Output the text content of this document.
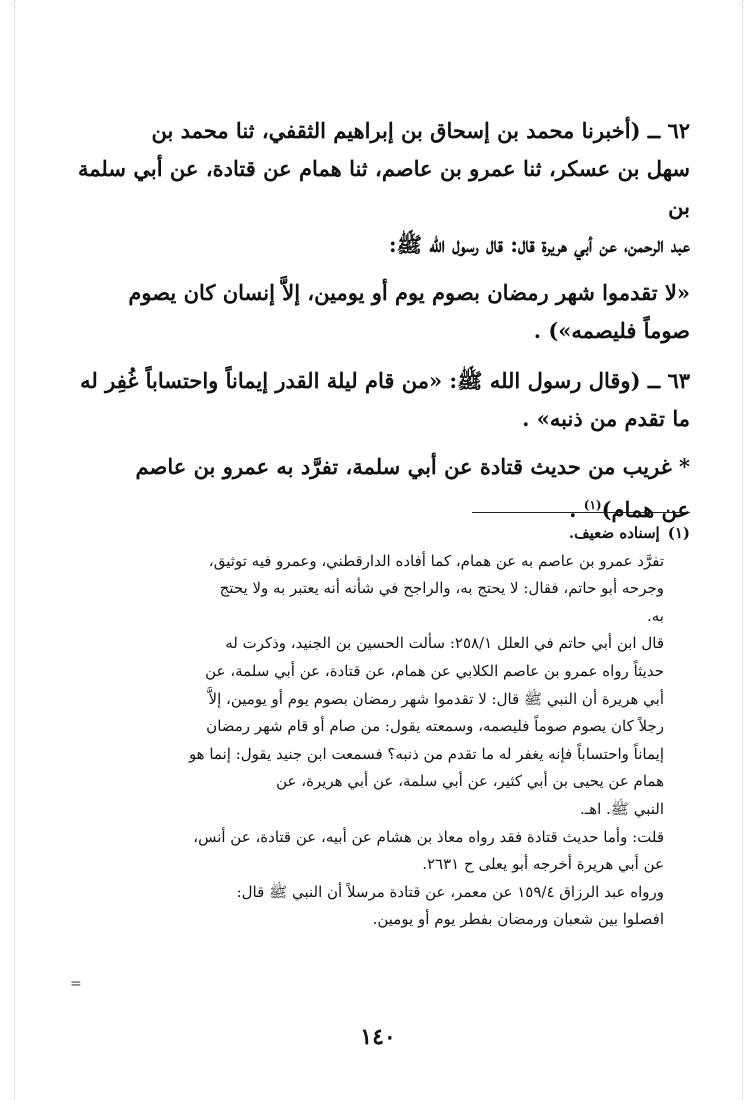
٦٢ ــ (أخبرنا محمد بن إسحاق بن إبراهيم الثقفي، ثنا محمد بن
سهل بن عسكر، ثنا عمرو بن عاصم، ثنا همام عن قتادة، عن أبي سلمة بن
عبد الرحمن، عن أبي هريرة قال: قال رسول الله ﷺ:

«لا تقدموا شهر رمضان بصوم يوم أو يومين، إلاَّ إنسان كان يصوم
صوماً فليصمه») .

٦٣ ــ (وقال رسول الله ﷺ: «من قام ليلة القدر إيماناً واحتساباً غُفِر له
ما تقدم من ذنبه» .

* غريب من حديث قتادة عن أبي سلمة، تفرَّد به عمرو بن عاصم
عن همام)$^{(١)}$ .

(١)إسناده ضعيف.

تفرَّد عمرو بن عاصم به عن همام، كما أفاده الدارقطني، وعمرو فيه توثيق،

وجرحه أبو حاتم، فقال: لا يحتج به، والراجح في شأنه أنه يعتبر به ولا يحتج

به.

قال ابن أبي حاتم في العلل ٢٥٨/١: سألت الحسين بن الجنيد، وذكرت له

حديثاً رواه عمرو بن عاصم الكلابي عن همام، عن قتادة، عن أبي سلمة، عن

أبي هريرة أن النبي ﷺ قال: لا تقدموا شهر رمضان بصوم يوم أو يومين، إلاَّ

رجلاً كان يصوم صوماً فليصمه، وسمعته يقول: من صام أو قام شهر رمضان

إيماناً واحتساباً فإنه يغفر له ما تقدم من ذنبه؟ فسمعت ابن جنيد يقول: إنما هو

همام عن يحيى بن أبي كثير، عن أبي سلمة، عن أبي هريرة، عن

النبي ﷺ. اهـ.

قلت: وأما حديث قتادة فقد رواه معاذ بن هشام عن أبيه، عن قتادة، عن أنس،

عن أبي هريرة أخرجه أبو يعلى ح ٢٦٣١.

ورواه عبد الرزاق ١٥٩/٤ عن معمر، عن قتادة مرسلاً أن النبي ﷺ قال:

افصلوا بين شعبان ورمضان بفطر يوم أو يومين.

=
١٤٠
